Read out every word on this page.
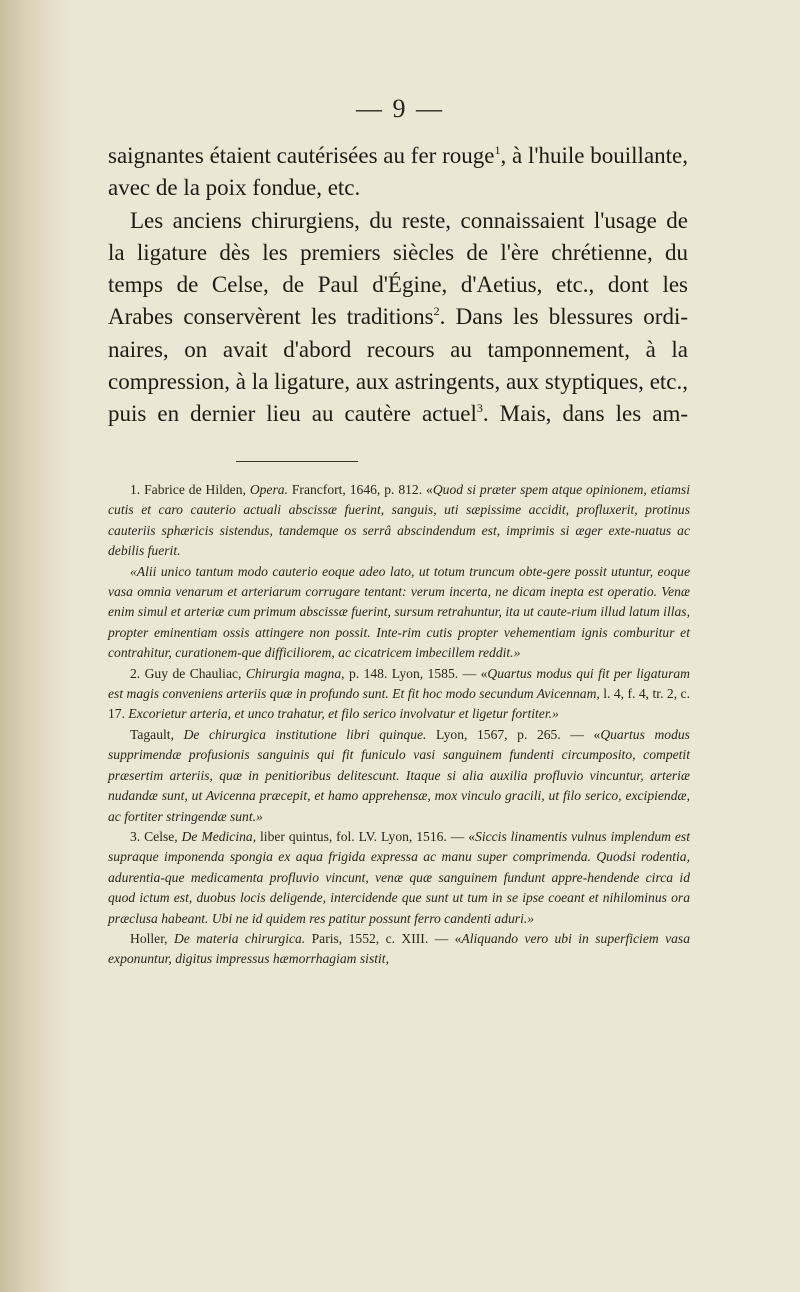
— 9 —
saignantes étaient cautérisées au fer rouge$^1$, à l'huile bouillante,
avec de la poix fondue, etc.
Les anciens chirurgiens, du reste, connaissaient l'usage de
la ligature dès les premiers siècles de l'ère chrétienne, du
temps de Celse, de Paul d'Égine, d'Aetius, etc., dont les
Arabes conservèrent les traditions$^2$. Dans les blessures ordi-
naires, on avait d'abord recours au tamponnement, à la
compression, à la ligature, aux astringents, aux styptiques, etc.,
puis en dernier lieu au cautère actuel$^3$. Mais, dans les am-

1. Fabrice de Hilden, Opera. Francfort, 1646, p. 812. «Quod si præter spem atque opinionem, etiamsi cutis et caro cauterio actuali abscissæ fuerint, sanguis, uti sæpissime accidit, profluxerit, protinus cauteriis sphæricis sistendus, tandemque os serrâ abscindendum est, imprimis si æger exte-nuatus ac debilis fuerit.

«Alii unico tantum modo cauterio eoque adeo lato, ut totum truncum obte-gere possit utuntur, eoque vasa omnia venarum et arteriarum corrugare tentant: verum incerta, ne dicam inepta est operatio. Venæ enim simul et arteriæ cum primum abscissæ fuerint, sursum retrahuntur, ita ut caute-rium illud latum illas, propter eminentiam ossis attingere non possit. Inte-rim cutis propter vehementiam ignis comburitur et contrahitur, curationem-que difficiliorem, ac cicatricem imbecillem reddit.»

2. Guy de Chauliac, Chirurgia magna, p. 148. Lyon, 1585. — «Quartus modus qui fit per ligaturam est magis conveniens arteriis quæ in profundo sunt. Et fit hoc modo secundum Avicennam, l. 4, f. 4, tr. 2, c. 17. Excorietur arteria, et unco trahatur, et filo serico involvatur et ligetur fortiter.»

Tagault, De chirurgica institutione libri quinque. Lyon, 1567, p. 265. — «Quartus modus supprimendæ profusionis sanguinis qui fit funiculo vasi sanguinem fundenti circumposito, competit præsertim arteriis, quæ in penitioribus delitescunt. Itaque si alia auxilia profluvio vincuntur, arteriæ nudandæ sunt, ut Avicenna præcepit, et hamo apprehensæ, mox vinculo gracili, ut filo serico, excipiendæ, ac fortiter stringendæ sunt.»

3. Celse, De Medicina, liber quintus, fol. LV. Lyon, 1516. — «Siccis linamentis vulnus implendum est supraque imponenda spongia ex aqua frigida expressa ac manu super comprimenda. Quodsi rodentia, adurentia-que medicamenta profluvio vincunt, venæ quæ sanguinem fundunt appre-hendende circa id quod ictum est, duobus locis deligende, intercidende que sunt ut tum in se ipse coeant et nihilominus ora præclusa habeant. Ubi ne id quidem res patitur possunt ferro candenti aduri.»

Holler, De materia chirurgica. Paris, 1552, c. XIII. — «Aliquando vero ubi in superficiem vasa exponuntur, digitus impressus hæmorrhagiam sistit,
